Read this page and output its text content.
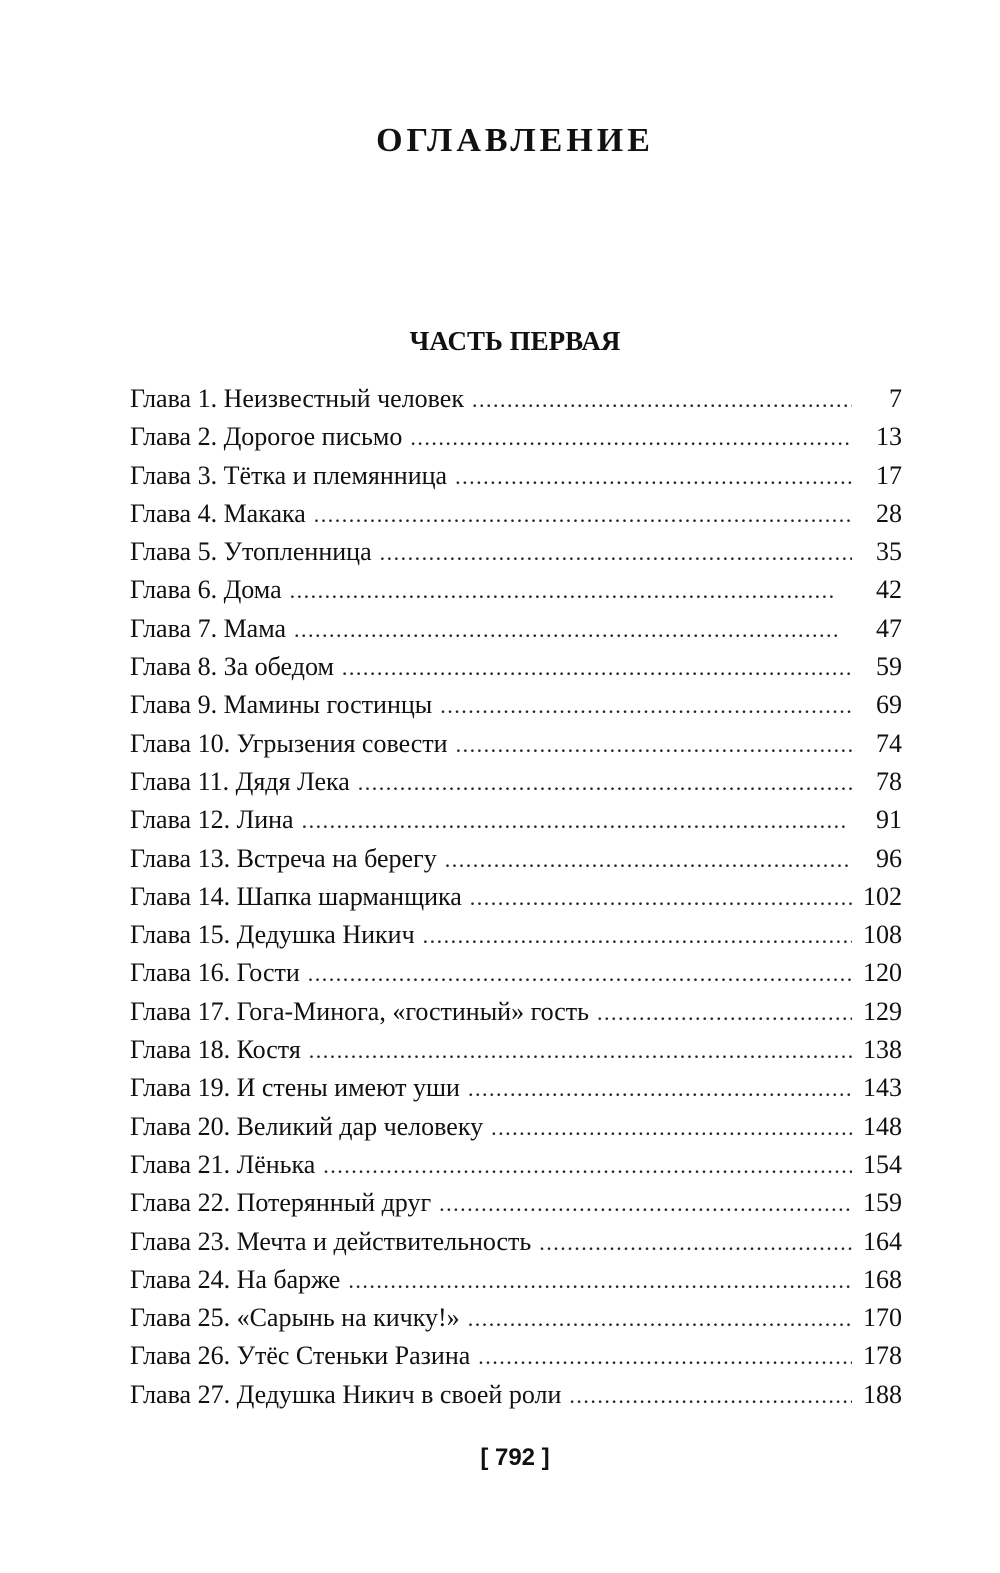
ОГЛАВЛЕНИЕ
ЧАСТЬ ПЕРВАЯ
Глава 1. Неизвестный человек . . .	7
Глава 2. Дорогое письмо . . .	13
Глава 3. Тётка и племянница . . .	17
Глава 4. Макака . . .	28
Глава 5. Утопленница . . .	35
Глава 6. Дома . . .	42
Глава 7. Мама . . .	47
Глава 8. За обедом . . .	59
Глава 9. Мамины гостинцы . . .	69
Глава 10. Угрызения совести . . .	74
Глава 11. Дядя Лека . . .	78
Глава 12. Лина . . .	91
Глава 13. Встреча на берегу . . .	96
Глава 14. Шапка шарманщика . . .	102
Глава 15. Дедушка Никич . . .	108
Глава 16. Гости . . .	120
Глава 17. Гога-Минога, «гостиный» гость . . .	129
Глава 18. Костя . . .	138
Глава 19. И стены имеют уши . . .	143
Глава 20. Великий дар человеку . . .	148
Глава 21. Лёнька . . .	154
Глава 22. Потерянный друг . . .	159
Глава 23. Мечта и действительность . . .	164
Глава 24. На барже . . .	168
Глава 25. «Сарынь на кичку!» . . .	170
Глава 26. Утёс Стеньки Разина . . .	178
Глава 27. Дедушка Никич в своей роли . . .	188
[ 792 ]
